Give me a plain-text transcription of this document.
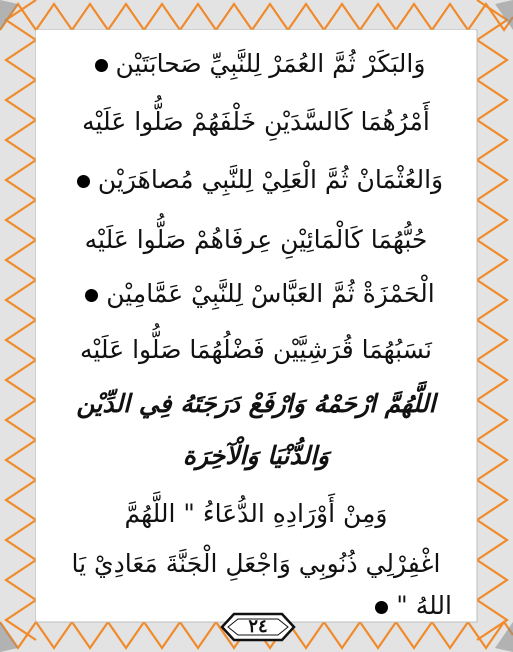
وَالبَكَرْ ثُمَّ العُمَرْ لِلنَّبِيِّ صَحابَتَيْن
أَمْرُهُمَا كَالسَّدَيْنِ خَلْفَهُمْ صَلُّوا عَلَيْه
وَالعُثْمَانْ ثُمَّ الْعَلِيْ لِلنَّبِي مُصاهَرَيْن
حُبُّهُمَا كَالْمَائِيْنِ عِرفَاهُمْ صَلُّوا عَلَيْه
الْحَمْزَةْ ثُمَّ العَبَّاسْ لِلنَّبِيْ عَمَّامِيْن
نَسَبُهُمَا قُرَشِيَّيْن فَضْلُهُمَا صَلُّوا عَلَيْه
اللَّهُمَّ ارْحَمْهُ وَارْفَعْ دَرَجَتَهُ فِي الدِّيْن
وَالدُّنْيَا وَالْآخِرَة
وَمِنْ أَوْرَادِهِ الدُّعَاءُ " اللَّهُمَّ
اغْفِرْلِي ذُنُوبِي وَاجْعَلِ الْجَنَّةَ مَعَادِيْ يَا
اللهُ "
٢٤
